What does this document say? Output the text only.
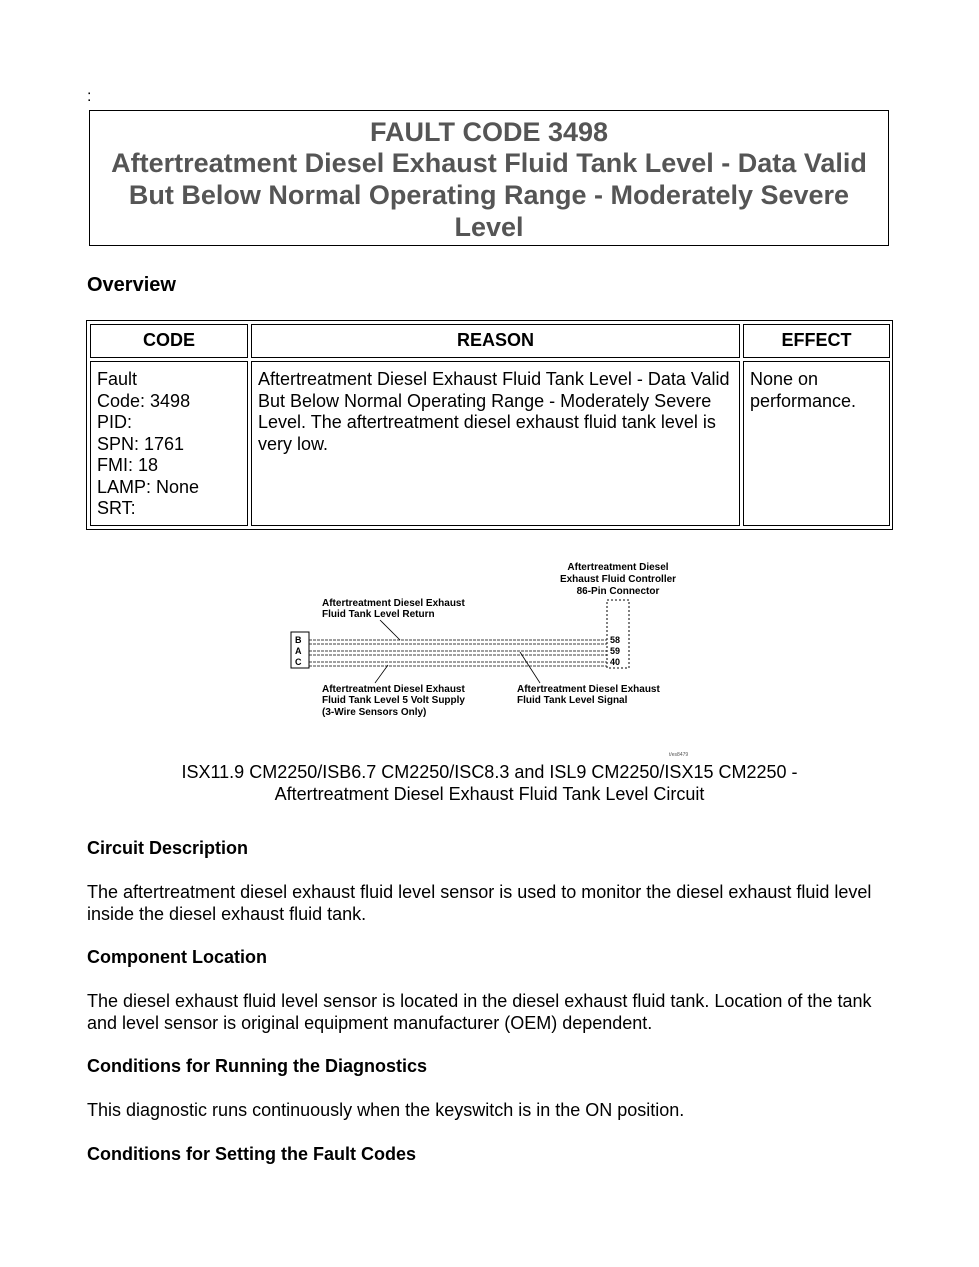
:
FAULT CODE 3498
Aftertreatment Diesel Exhaust Fluid Tank Level - Data Valid But Below Normal Operating Range - Moderately Severe Level
Overview
CODE	REASON	EFFECT
Fault
Code: 3498
PID:
SPN: 1761
FMI: 18
LAMP: None
SRT:
Aftertreatment Diesel Exhaust Fluid Tank Level - Data Valid But Below Normal Operating Range - Moderately Severe Level. The aftertreatment diesel exhaust fluid tank level is very low.
None on performance.
Aftertreatment Diesel
Exhaust Fluid Controller
86-Pin Connector
Aftertreatment Diesel Exhaust
Fluid Tank Level Return
B
A
C
58
59
40
Aftertreatment Diesel Exhaust
Fluid Tank Level 5 Volt Supply
(3-Wire Sensors Only)
Aftertreatment Diesel Exhaust
Fluid Tank Level Signal
t/es8479
ISX11.9 CM2250/ISB6.7 CM2250/ISC8.3 and ISL9 CM2250/ISX15 CM2250 -
Aftertreatment Diesel Exhaust Fluid Tank Level Circuit
Circuit Description
The aftertreatment diesel exhaust fluid level sensor is used to monitor the diesel exhaust fluid level inside the diesel exhaust fluid tank.
Component Location
The diesel exhaust fluid level sensor is located in the diesel exhaust fluid tank. Location of the tank and level sensor is original equipment manufacturer (OEM) dependent.
Conditions for Running the Diagnostics
This diagnostic runs continuously when the keyswitch is in the ON position.
Conditions for Setting the Fault Codes
